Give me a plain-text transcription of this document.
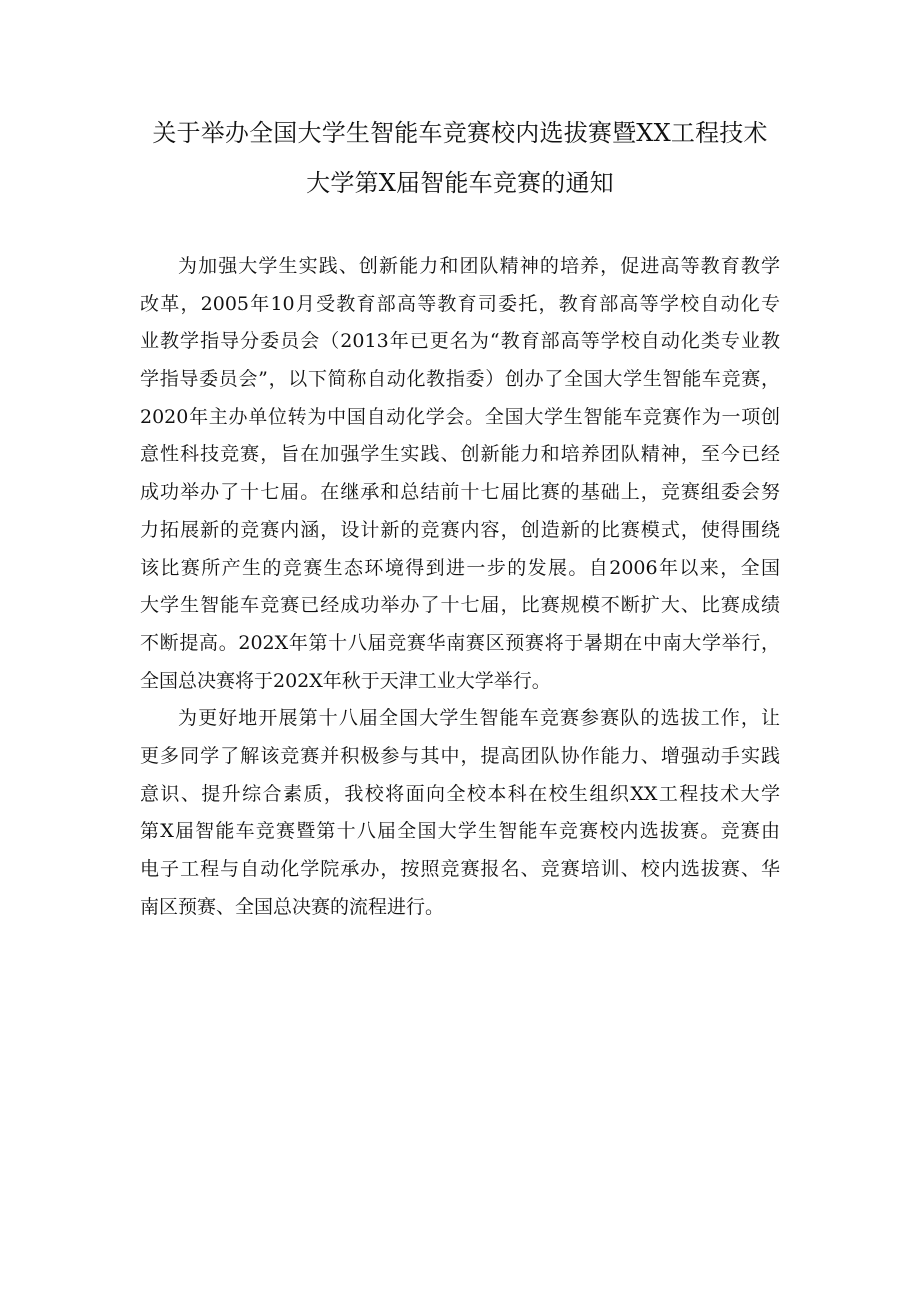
关于举办全国大学生智能车竞赛校内选拔赛暨XX工程技术
大学第X届智能车竞赛的通知

为加强大学生实践、创新能力和团队精神的培养，促进高等教育教学
改革，2005年10月受教育部高等教育司委托，教育部高等学校自动化专
业教学指导分委员会（2013年已更名为“教育部高等学校自动化类专业教
学指导委员会”，以下简称自动化教指委）创办了全国大学生智能车竞赛，
2020年主办单位转为中国自动化学会。全国大学生智能车竞赛作为一项创
意性科技竞赛，旨在加强学生实践、创新能力和培养团队精神，至今已经
成功举办了十七届。在继承和总结前十七届比赛的基础上，竞赛组委会努
力拓展新的竞赛内涵，设计新的竞赛内容，创造新的比赛模式，使得围绕
该比赛所产生的竞赛生态环境得到进一步的发展。自2006年以来，全国
大学生智能车竞赛已经成功举办了十七届，比赛规模不断扩大、比赛成绩
不断提高。202X年第十八届竞赛华南赛区预赛将于暑期在中南大学举行，
全国总决赛将于202X年秋于天津工业大学举行。

为更好地开展第十八届全国大学生智能车竞赛参赛队的选拔工作，让
更多同学了解该竞赛并积极参与其中，提高团队协作能力、增强动手实践
意识、提升综合素质，我校将面向全校本科在校生组织XX工程技术大学
第X届智能车竞赛暨第十八届全国大学生智能车竞赛校内选拔赛。竞赛由
电子工程与自动化学院承办，按照竞赛报名、竞赛培训、校内选拔赛、华
南区预赛、全国总决赛的流程进行。
